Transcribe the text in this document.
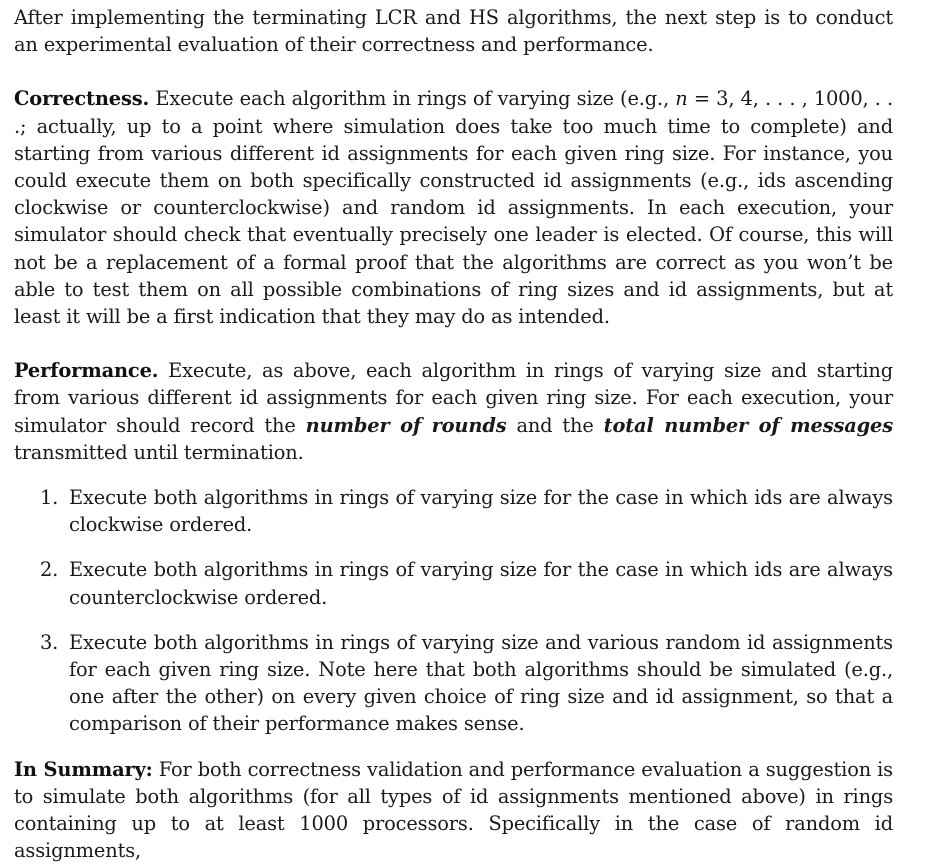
After implementing the terminating LCR and HS algorithms, the next step is to conduct an experimental evaluation of their correctness and performance.

Correctness. Execute each algorithm in rings of varying size (e.g., n = 3, 4, . . . , 1000, . . .; actually, up to a point where simulation does take too much time to complete) and starting from various different id assignments for each given ring size. For instance, you could execute them on both specifically constructed id assignments (e.g., ids ascending clockwise or counterclockwise) and random id assignments. In each execution, your simulator should check that eventually precisely one leader is elected. Of course, this will not be a replacement of a formal proof that the algorithms are correct as you won’t be able to test them on all possible combinations of ring sizes and id assignments, but at least it will be a first indication that they may do as intended.

Performance. Execute, as above, each algorithm in rings of varying size and starting from various different id assignments for each given ring size. For each execution, your simulator should record the number of rounds and the total number of messages transmitted until termination.

1. Execute both algorithms in rings of varying size for the case in which ids are always clockwise ordered.
2. Execute both algorithms in rings of varying size for the case in which ids are always counterclockwise ordered.
3. Execute both algorithms in rings of varying size and various random id assignments for each given ring size. Note here that both algorithms should be simulated (e.g., one after the other) on every given choice of ring size and id assignment, so that a comparison of their performance makes sense.

In Summary: For both correctness validation and performance evaluation a suggestion is to simulate both algorithms (for all types of id assignments mentioned above) in rings containing up to at least 1000 processors. Specifically in the case of random id assignments,
